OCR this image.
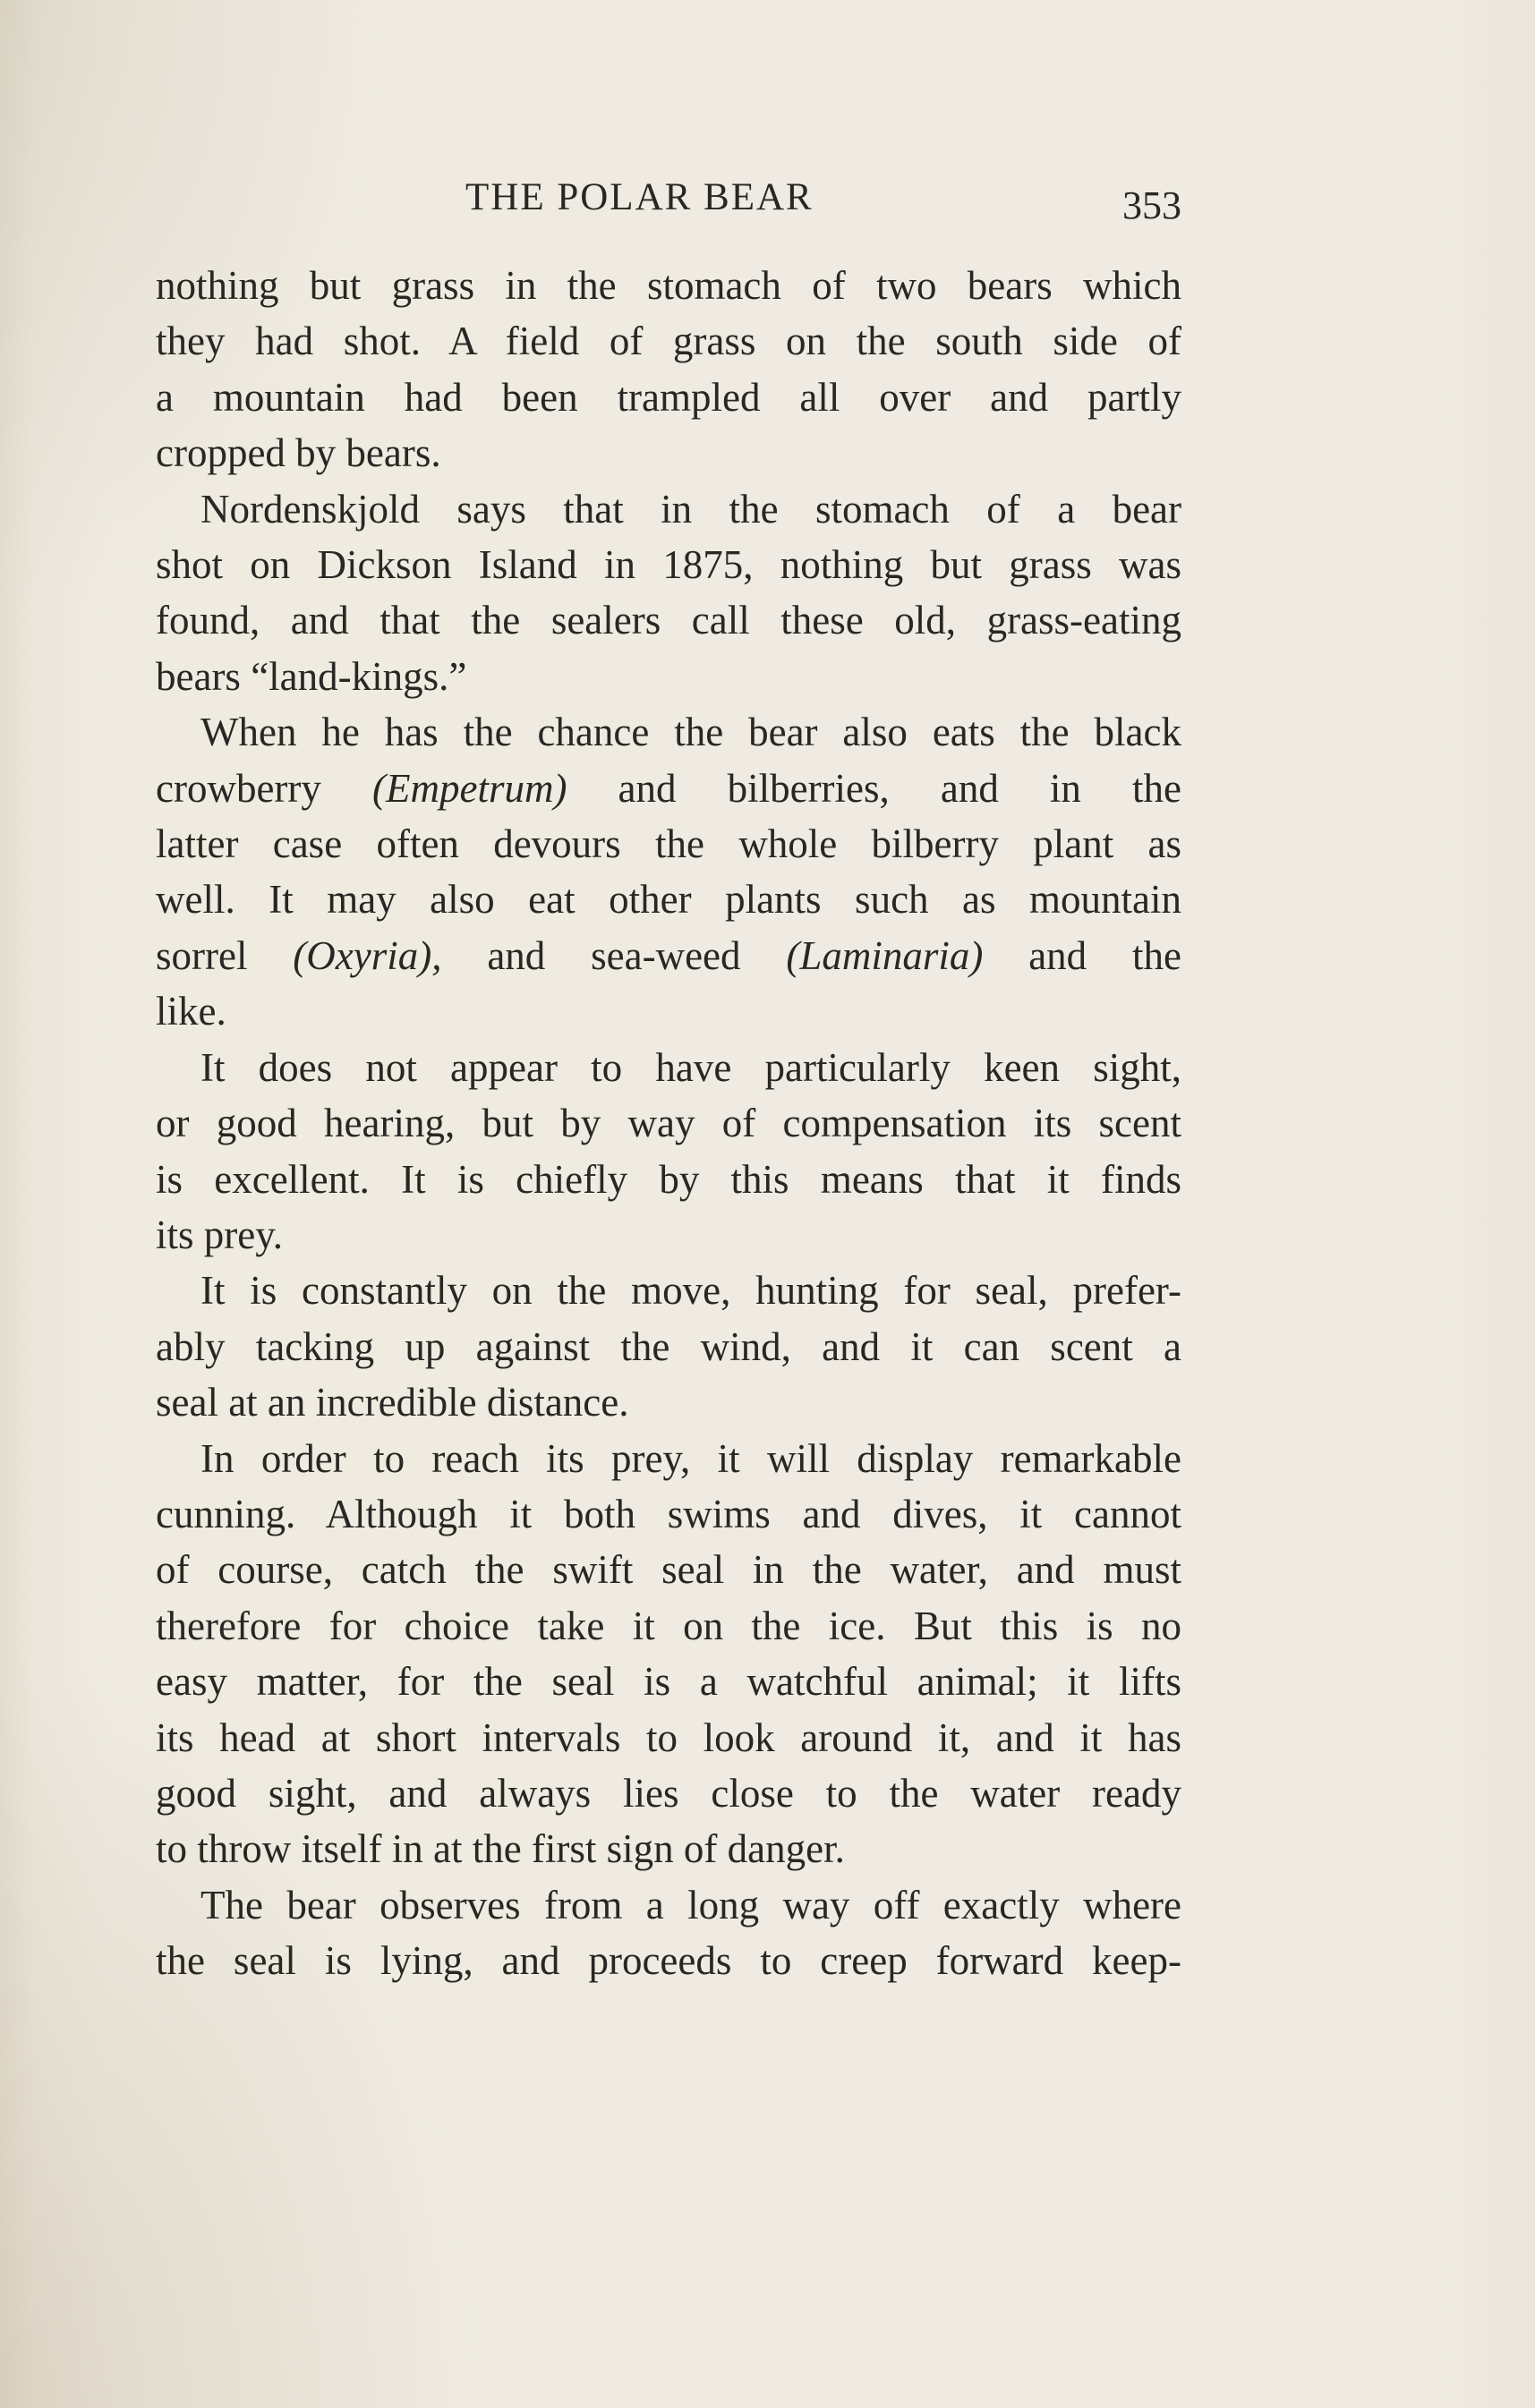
THE POLAR BEAR	353

nothing but grass in the stomach of two bears which

they had shot. A field of grass on the south side of

a mountain had been trampled all over and partly

cropped by bears.

Nordenskjold says that in the stomach of a bear

shot on Dickson Island in 1875, nothing but grass was

found, and that the sealers call these old, grass-eating

bears “land-kings.”

When he has the chance the bear also eats the black

crowberry (Empetrum) and bilberries, and in the

latter case often devours the whole bilberry plant as

well. It may also eat other plants such as mountain

sorrel (Oxyria), and sea-weed (Laminaria) and the

like.

It does not appear to have particularly keen sight,

or good hearing, but by way of compensation its scent

is excellent. It is chiefly by this means that it finds

its prey.

It is constantly on the move, hunting for seal, prefer-

ably tacking up against the wind, and it can scent a

seal at an incredible distance.

In order to reach its prey, it will display remarkable

cunning. Although it both swims and dives, it cannot

of course, catch the swift seal in the water, and must

therefore for choice take it on the ice. But this is no

easy matter, for the seal is a watchful animal; it lifts

its head at short intervals to look around it, and it has

good sight, and always lies close to the water ready

to throw itself in at the first sign of danger.

The bear observes from a long way off exactly where

the seal is lying, and proceeds to creep forward keep-
